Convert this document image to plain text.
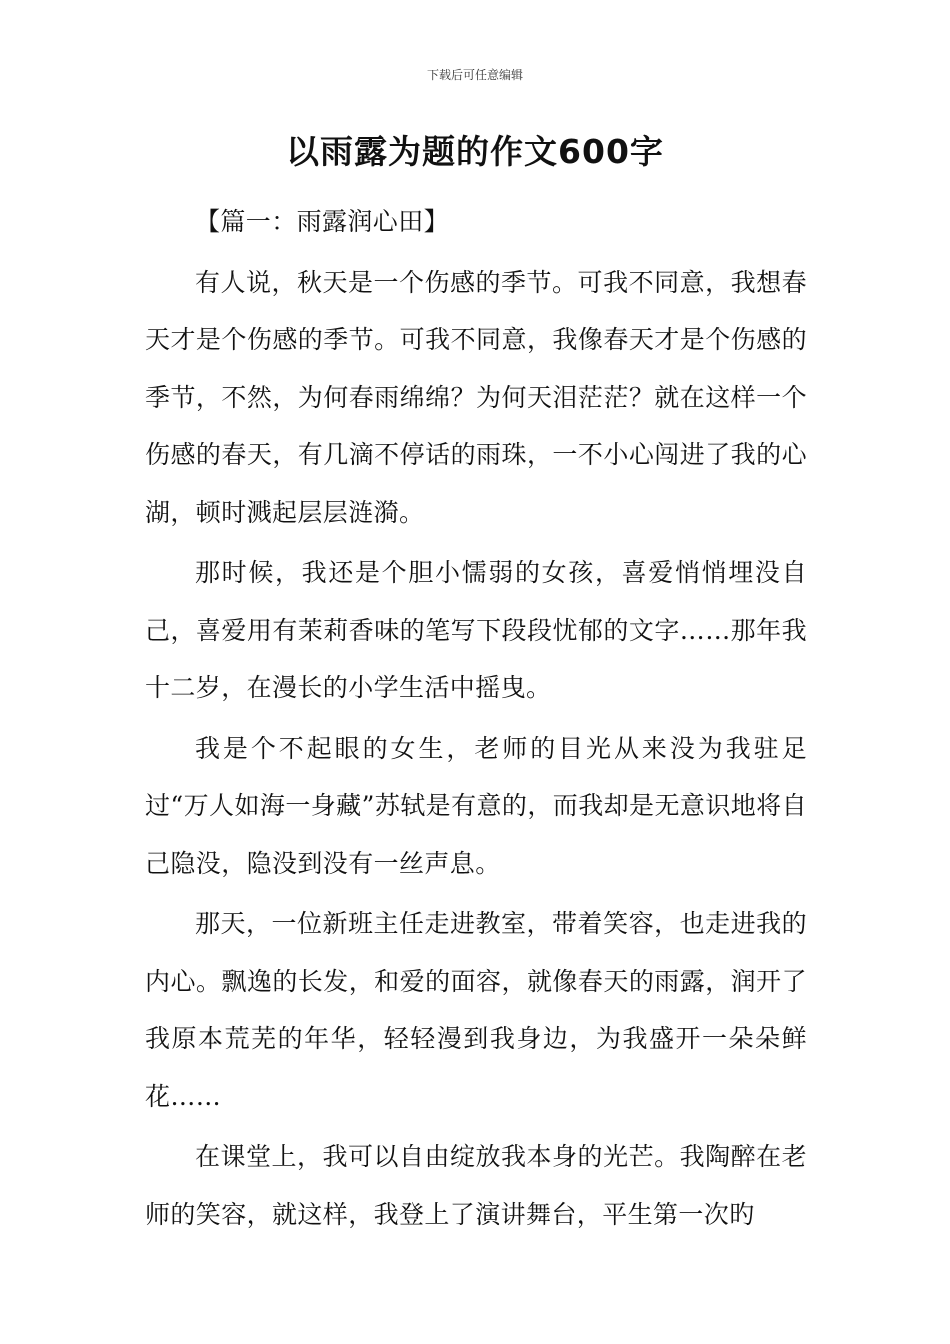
下载后可任意编辑
以雨露为题的作文600字

【篇一：雨露润心田】

有人说，秋天是一个伤感的季节。可我不同意，我想春天才是个伤感的季节。可我不同意，我像春天才是个伤感的季节，不然，为何春雨绵绵？为何天泪茫茫？就在这样一个伤感的春天，有几滴不停话的雨珠，一不小心闯进了我的心湖，顿时溅起层层涟漪。

那时候，我还是个胆小懦弱的女孩，喜爱悄悄埋没自己，喜爱用有茉莉香味的笔写下段段忧郁的文字……那年我十二岁，在漫长的小学生活中摇曳。

我是个不起眼的女生，老师的目光从来没为我驻足过“万人如海一身藏”苏轼是有意的，而我却是无意识地将自己隐没，隐没到没有一丝声息。

那天，一位新班主任走进教室，带着笑容，也走进我的内心。飘逸的长发，和爱的面容，就像春天的雨露，润开了我原本荒芜的年华，轻轻漫到我身边，为我盛开一朵朵鲜花……

在课堂上，我可以自由绽放我本身的光芒。我陶醉在老师的笑容，就这样，我登上了演讲舞台，平生第一次旳
